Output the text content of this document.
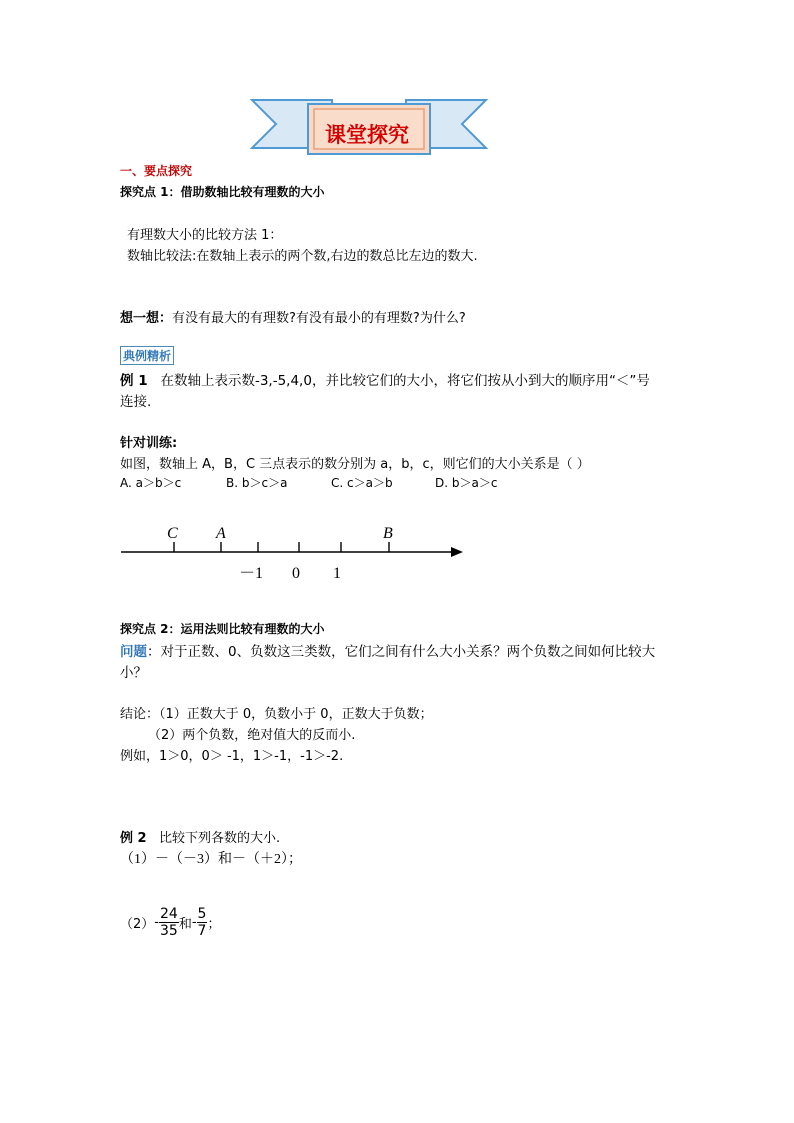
课堂探究
一、要点探究
探究点 1：借助数轴比较有理数的大小
有理数大小的比较方法 1：
数轴比较法:在数轴上表示的两个数,右边的数总比左边的数大.
想一想：有没有最大的有理数?有没有最小的有理数?为什么?
典例精析
例 1 在数轴上表示数-3,-5,4,0，并比较它们的大小，将它们按从小到大的顺序用“＜”号
连接.
针对训练:
如图，数轴上 A，B，C 三点表示的数分别为 a，b，c，则它们的大小关系是（ ）
A. a＞b＞c	B. b＞c＞a	C. c＞a＞b	D. b＞a＞c
C A	B
－1 0 1
探究点 2：运用法则比较有理数的大小
问题：对于正数、0、负数这三类数，它们之间有什么大小关系？两个负数之间如何比较大
小？
结论：（1）正数大于 0，负数小于 0，正数大于负数；
（2）两个负数，绝对值大的反而小.
例如，1＞0，0＞ -1，1＞-1，-1＞-2.
例 2 比较下列各数的大小.
（1）－（－3）和－（＋2）；
$(2)- \frac{24}{35}$ 和- $\frac{5}{7}$ ；
